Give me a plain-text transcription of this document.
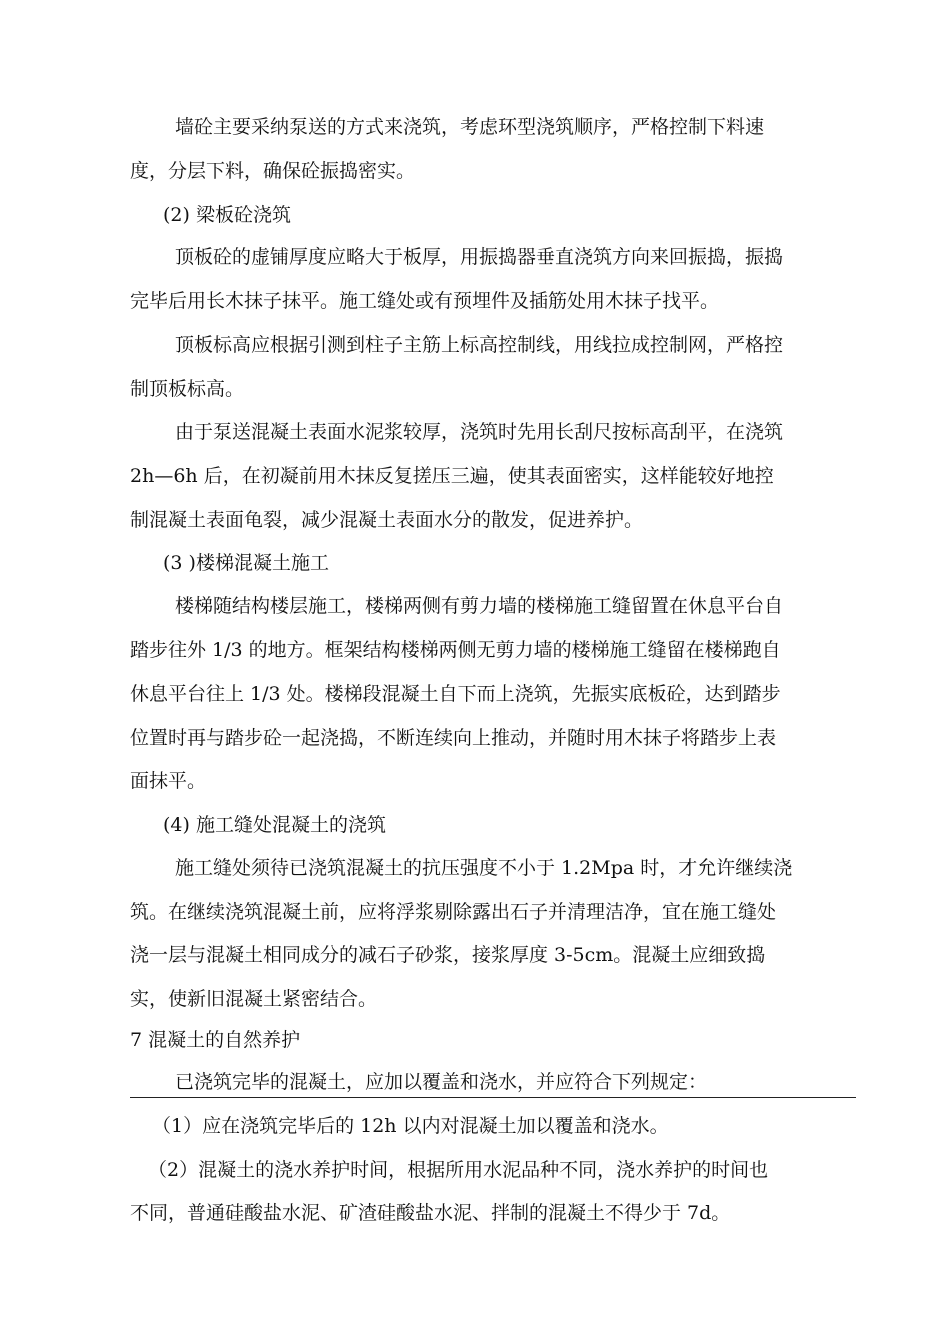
墙砼主要采纳泵送的方式来浇筑，考虑环型浇筑顺序，严格控制下料速
度，分层下料，确保砼振捣密实。
(2) 梁板砼浇筑
顶板砼的虚铺厚度应略大于板厚，用振捣器垂直浇筑方向来回振捣，振捣
完毕后用长木抹子抹平。施工缝处或有预埋件及插筋处用木抹子找平。
顶板标高应根据引测到柱子主筋上标高控制线，用线拉成控制网，严格控
制顶板标高。
由于泵送混凝土表面水泥浆较厚，浇筑时先用长刮尺按标高刮平，在浇筑
2h—6h 后，在初凝前用木抹反复搓压三遍，使其表面密实，这样能较好地控
制混凝土表面龟裂，减少混凝土表面水分的散发，促进养护。
(3 )楼梯混凝土施工
楼梯随结构楼层施工，楼梯两侧有剪力墙的楼梯施工缝留置在休息平台自
踏步往外 1/3 的地方。框架结构楼梯两侧无剪力墙的楼梯施工缝留在楼梯跑自
休息平台往上 1/3 处。楼梯段混凝土自下而上浇筑，先振实底板砼，达到踏步
位置时再与踏步砼一起浇捣，不断连续向上推动，并随时用木抹子将踏步上表
面抹平。
(4) 施工缝处混凝土的浇筑
施工缝处须待已浇筑混凝土的抗压强度不小于 1.2Mpa 时，才允许继续浇
筑。在继续浇筑混凝土前，应将浮浆剔除露出石子并清理洁净，宜在施工缝处
浇一层与混凝土相同成分的减石子砂浆，接浆厚度 3-5cm。混凝土应细致捣
实，使新旧混凝土紧密结合。
7 混凝土的自然养护
已浇筑完毕的混凝土，应加以覆盖和浇水，并应符合下列规定：
（1）应在浇筑完毕后的 12h 以内对混凝土加以覆盖和浇水。
（2）混凝土的浇水养护时间，根据所用水泥品种不同，浇水养护的时间也
不同，普通硅酸盐水泥、矿渣硅酸盐水泥、拌制的混凝土不得少于 7d。
